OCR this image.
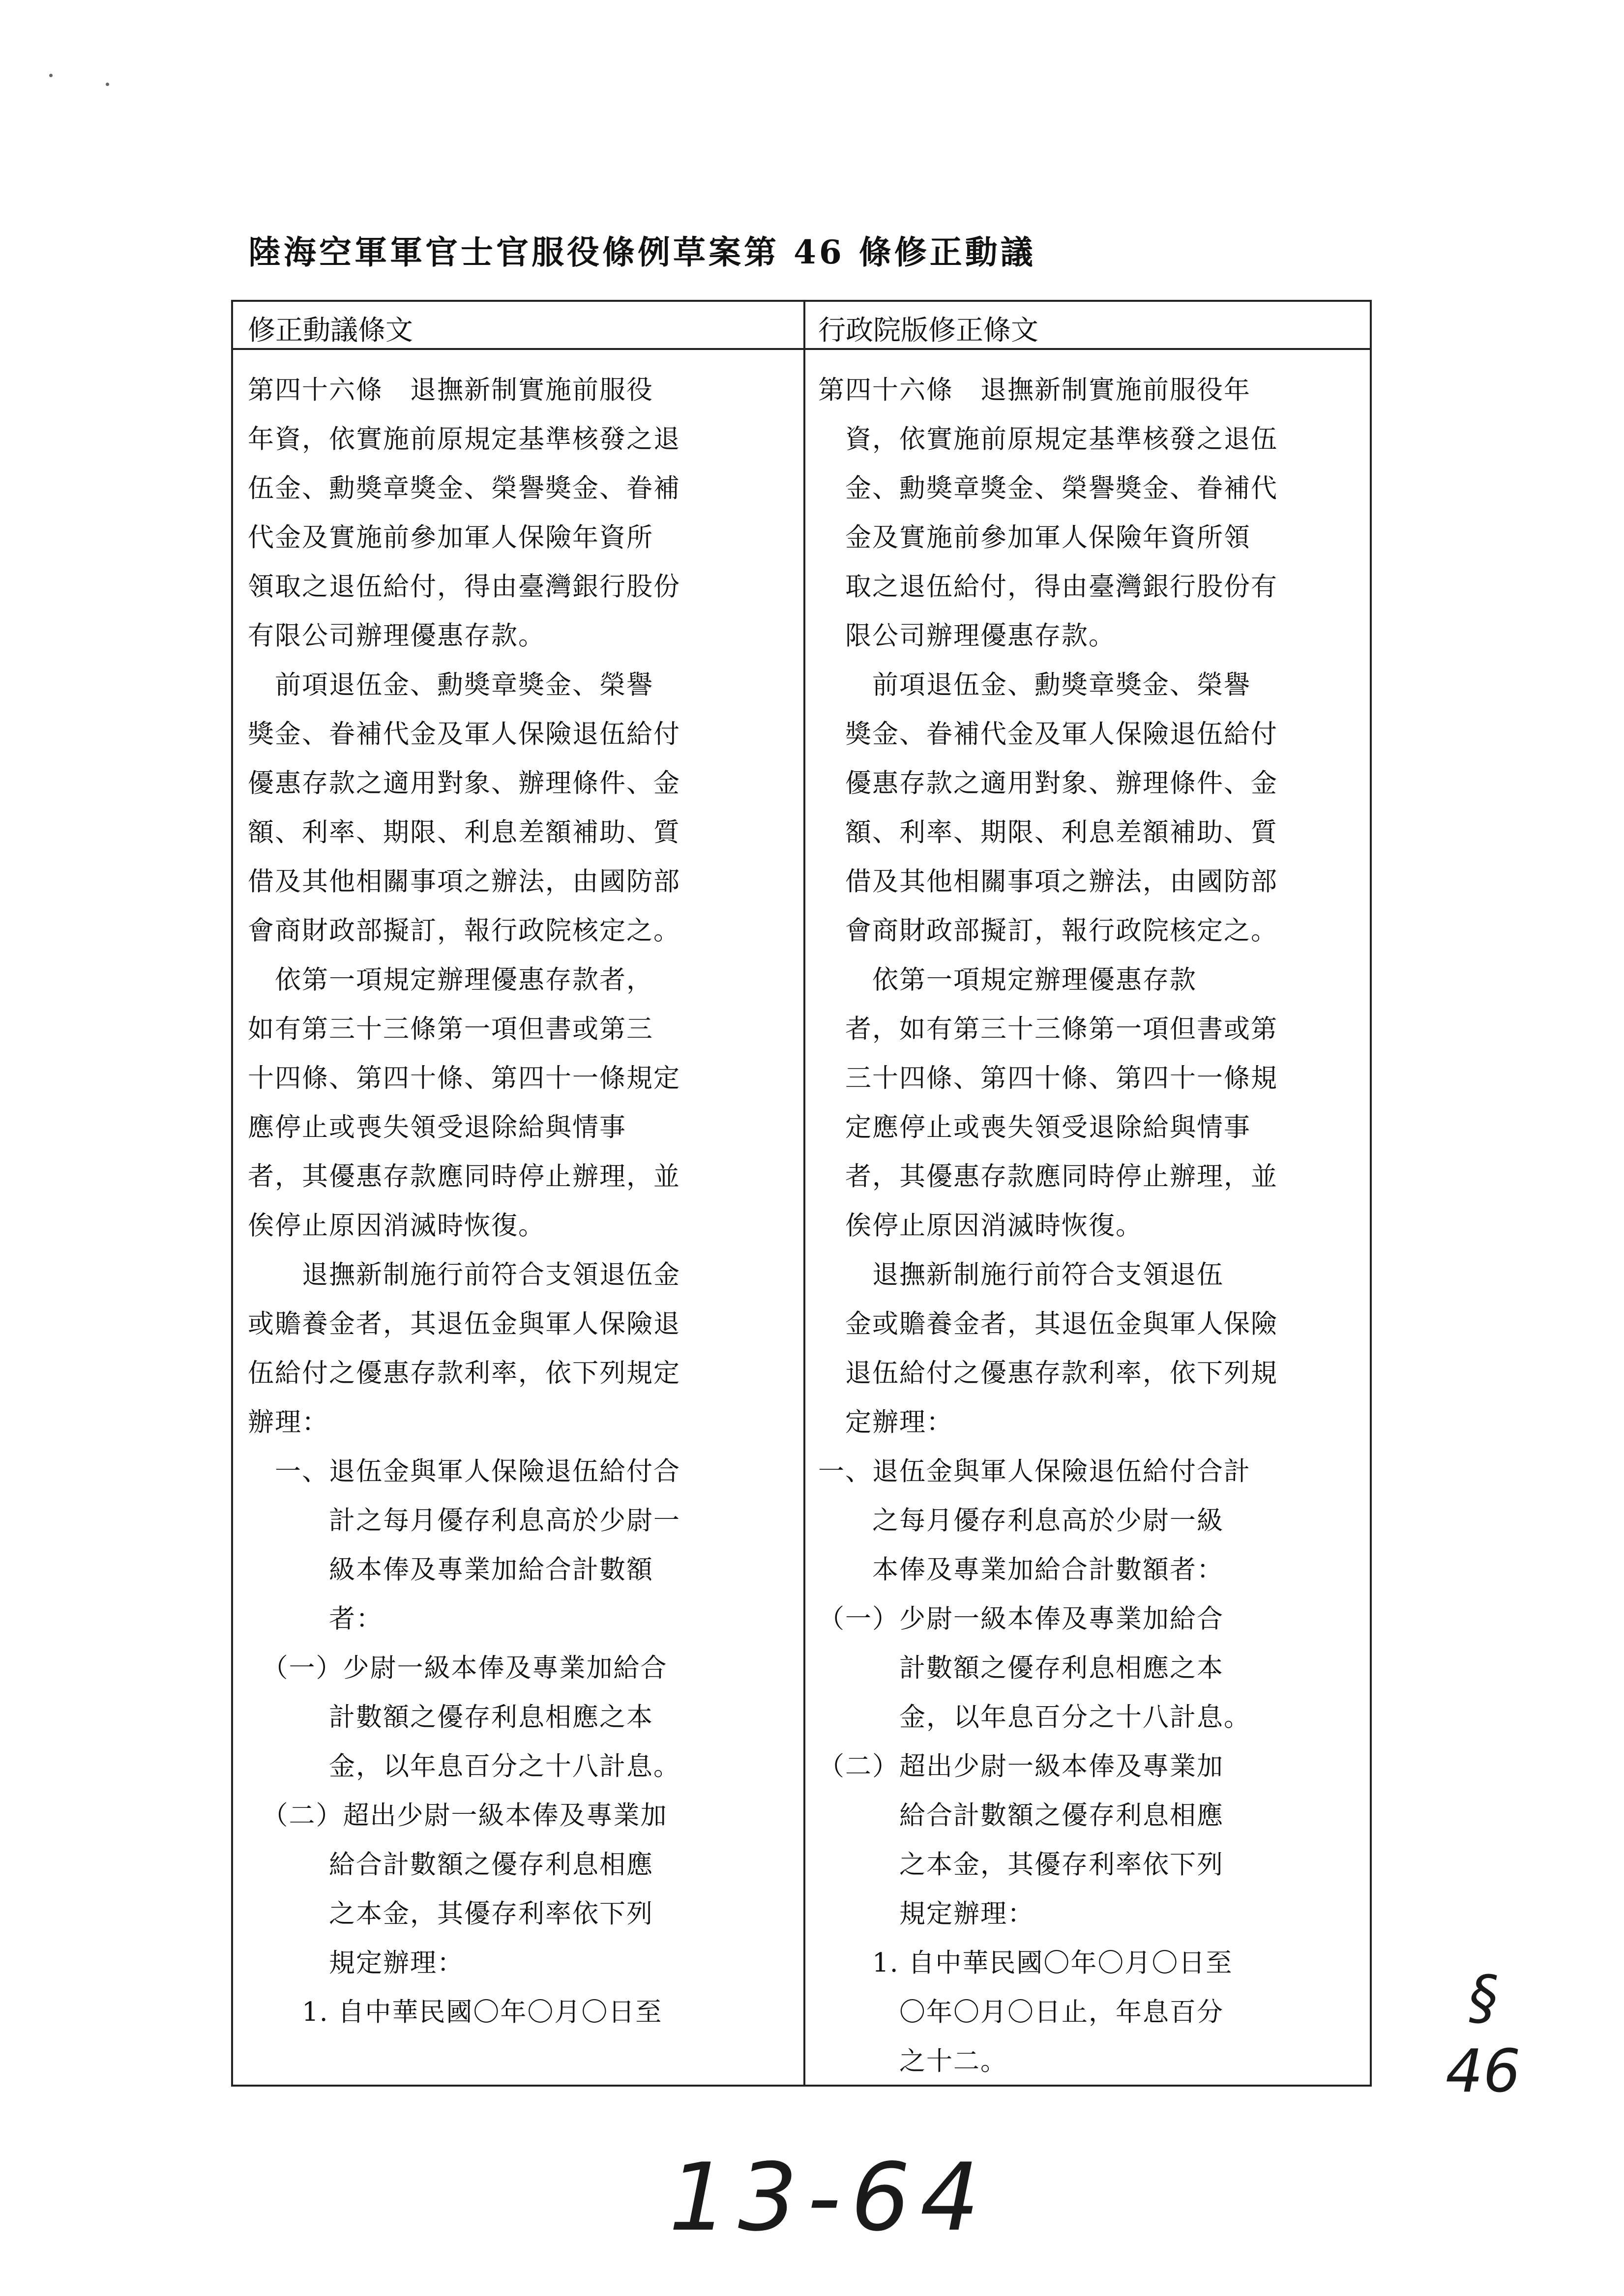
陸海空軍軍官士官服役條例草案第 46 條修正動議
修正動議條文	行政院版修正條文
第四十六條　退撫新制實施前服役
年資，依實施前原規定基準核發之退
伍金、勳獎章獎金、榮譽獎金、眷補
代金及實施前參加軍人保險年資所
領取之退伍給付，得由臺灣銀行股份
有限公司辦理優惠存款。
　前項退伍金、勳獎章獎金、榮譽
獎金、眷補代金及軍人保險退伍給付
優惠存款之適用對象、辦理條件、金
額、利率、期限、利息差額補助、質
借及其他相關事項之辦法，由國防部
會商財政部擬訂，報行政院核定之。
　依第一項規定辦理優惠存款者，
如有第三十三條第一項但書或第三
十四條、第四十條、第四十一條規定
應停止或喪失領受退除給與情事
者，其優惠存款應同時停止辦理，並
俟停止原因消滅時恢復。
　　退撫新制施行前符合支領退伍金
或贍養金者，其退伍金與軍人保險退
伍給付之優惠存款利率，依下列規定
辦理：
　一、退伍金與軍人保險退伍給付合
　　　計之每月優存利息高於少尉一
　　　級本俸及專業加給合計數額
　　　者：
　（一）少尉一級本俸及專業加給合
　　　計數額之優存利息相應之本
　　　金，以年息百分之十八計息。
　（二）超出少尉一級本俸及專業加
　　　給合計數額之優存利息相應
　　　之本金，其優存利率依下列
　　　規定辦理：
　　1. 自中華民國〇年〇月〇日至
第四十六條　退撫新制實施前服役年
　資，依實施前原規定基準核發之退伍
　金、勳獎章獎金、榮譽獎金、眷補代
　金及實施前參加軍人保險年資所領
　取之退伍給付，得由臺灣銀行股份有
　限公司辦理優惠存款。
　　前項退伍金、勳獎章獎金、榮譽
　獎金、眷補代金及軍人保險退伍給付
　優惠存款之適用對象、辦理條件、金
　額、利率、期限、利息差額補助、質
　借及其他相關事項之辦法，由國防部
　會商財政部擬訂，報行政院核定之。
　　依第一項規定辦理優惠存款
　者，如有第三十三條第一項但書或第
　三十四條、第四十條、第四十一條規
　定應停止或喪失領受退除給與情事
　者，其優惠存款應同時停止辦理，並
　俟停止原因消滅時恢復。
　　退撫新制施行前符合支領退伍
　金或贍養金者，其退伍金與軍人保險
　退伍給付之優惠存款利率，依下列規
　定辦理：
一、退伍金與軍人保險退伍給付合計
　　之每月優存利息高於少尉一級
　　本俸及專業加給合計數額者：
（一）少尉一級本俸及專業加給合
　　　計數額之優存利息相應之本
　　　金，以年息百分之十八計息。
（二）超出少尉一級本俸及專業加
　　　給合計數額之優存利息相應
　　　之本金，其優存利率依下列
　　　規定辦理：
　　1. 自中華民國〇年〇月〇日至
　　　〇年〇月〇日止，年息百分
　　　之十二。
13-64
§
46
